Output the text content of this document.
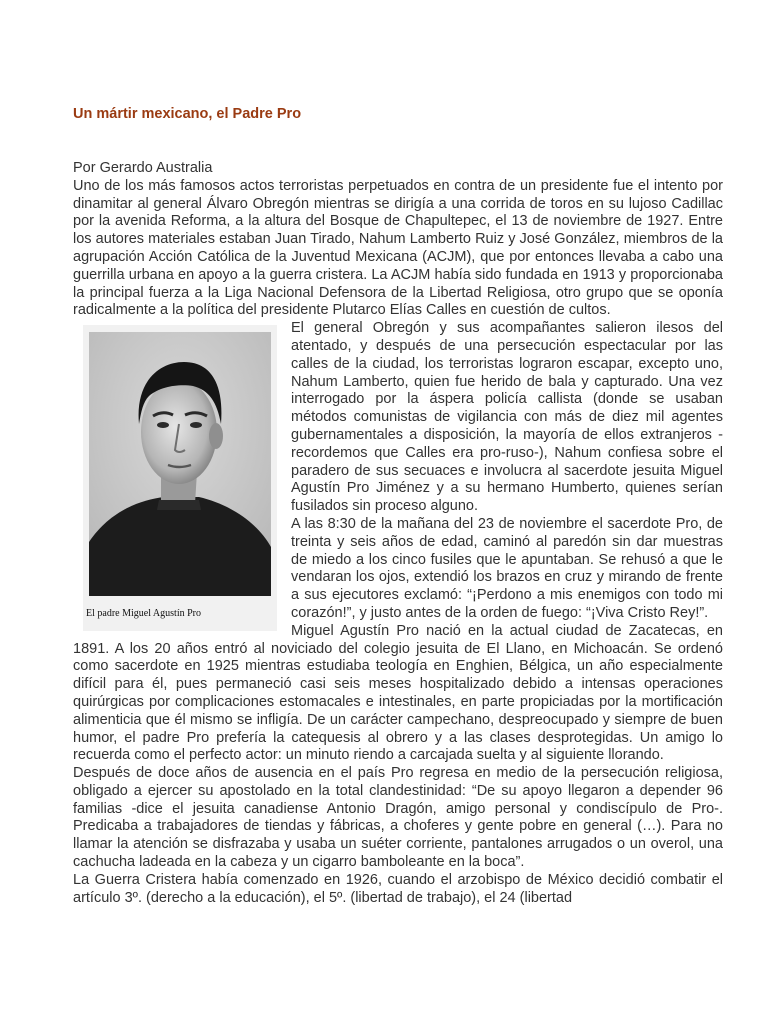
Un mártir mexicano, el Padre Pro

Por Gerardo Australia

Uno de los más famosos actos terroristas perpetuados en contra de un presidente fue el intento por dinamitar al general Álvaro Obregón mientras se dirigía a una corrida de toros en su lujoso Cadillac por la avenida Reforma, a la altura del Bosque de Chapultepec, el 13 de noviembre de 1927. Entre los autores materiales estaban Juan Tirado, Nahum Lamberto Ruiz y José González, miembros de la agrupación Acción Católica de la Juventud Mexicana (ACJM), que por entonces llevaba a cabo una guerrilla urbana en apoyo a la guerra cristera. La ACJM había sido fundada en 1913 y proporcionaba la principal fuerza a la Liga Nacional Defensora de la Libertad Religiosa, otro grupo que se oponía radicalmente a la política del presidente Plutarco Elías Calles en cuestión de cultos.

El padre Miguel Agustín Pro

El general Obregón y sus acompañantes salieron ilesos del atentado, y después de una persecución espectacular por las calles de la ciudad, los terroristas lograron escapar, excepto uno, Nahum Lamberto, quien fue herido de bala y capturado. Una vez interrogado por la áspera policía callista (donde se usaban métodos comunistas de vigilancia con más de diez mil agentes gubernamentales a disposición, la mayoría de ellos extranjeros -recordemos que Calles era pro-ruso-), Nahum confiesa sobre el paradero de sus secuaces e involucra al sacerdote jesuita Miguel Agustín Pro Jiménez y a su hermano Humberto, quienes serían fusilados sin proceso alguno.

A las 8:30 de la mañana del 23 de noviembre el sacerdote Pro, de treinta y seis años de edad, caminó al paredón sin dar muestras de miedo a los cinco fusiles que le apuntaban. Se rehusó a que le vendaran los ojos, extendió los brazos en cruz y mirando de frente a sus ejecutores exclamó: “¡Perdono a mis enemigos con todo mi corazón!”, y justo antes de la orden de fuego: “¡Viva Cristo Rey!”.

Miguel Agustín Pro nació en la actual ciudad de Zacatecas, en 1891. A los 20 años entró al noviciado del colegio jesuita de El Llano, en Michoacán. Se ordenó como sacerdote en 1925 mientras estudiaba teología en Enghien, Bélgica, un año especialmente difícil para él, pues permaneció casi seis meses hospitalizado debido a intensas operaciones quirúrgicas por complicaciones estomacales e intestinales, en parte propiciadas por la mortificación alimenticia que él mismo se infligía. De un carácter campechano, despreocupado y siempre de buen humor, el padre Pro prefería la catequesis al obrero y a las clases desprotegidas. Un amigo lo recuerda como el perfecto actor: un minuto riendo a carcajada suelta y al siguiente llorando.

Después de doce años de ausencia en el país Pro regresa en medio de la persecución religiosa, obligado a ejercer su apostolado en la total clandestinidad: “De su apoyo llegaron a depender 96 familias -dice el jesuita canadiense Antonio Dragón, amigo personal y condiscípulo de Pro-. Predicaba a trabajadores de tiendas y fábricas, a choferes y gente pobre en general (…). Para no llamar la atención se disfrazaba y usaba un suéter corriente, pantalones arrugados o un overol, una cachucha ladeada en la cabeza y un cigarro bamboleante en la boca”.

La Guerra Cristera había comenzado en 1926, cuando el arzobispo de México decidió combatir el artículo 3º. (derecho a la educación), el 5º. (libertad de trabajo), el 24 (libertad
